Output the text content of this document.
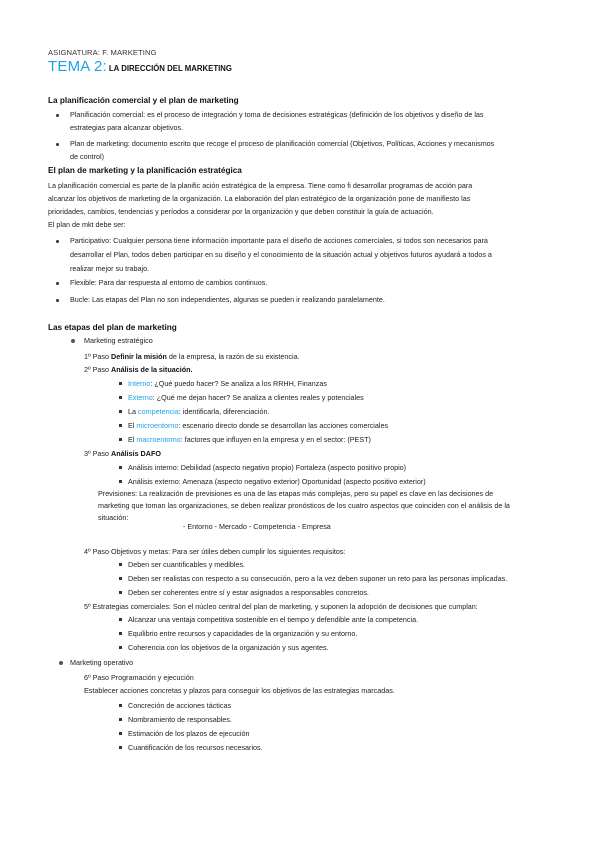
ASIGNATURA: F. MARKETING
TEMA 2: LA DIRECCIÓN DEL MARKETING
La planificación comercial y el plan de marketing
Planificación comercial: es el proceso de integración y toma de decisiones estratégicas (definición de los objetivos y diseño de las
estrategias para alcanzar objetivos.
Plan de marketing: documento escrito que recoge el proceso de planificación comercial (Objetivos, Políticas, Acciones y mecanismos
de control)
El plan de marketing y la planificación estratégica
La planificación comercial es parte de la planific ación estratégica de la empresa. Tiene como fi desarrollar programas de acción para
alcanzar los objetivos de marketing de la organización. La elaboración del plan estratégico de la organización pone de manifiesto las
prioridades, cambios, tendencias y períodos a considerar por la organización y que deben constituir la guía de actuación.
El plan de mkt debe ser:
Participativo: Cualquier persona tiene información importante para el diseño de acciones comerciales, si todos son necesarios para
desarrollar el Plan, todos deben participar en su diseño y el conocimiento de la situación actual y objetivos futuros ayudará a todos a
realizar mejor su trabajo.
Flexible: Para dar respuesta al entorno de cambios continuos.
Bucle: Las etapas del Plan no son independientes, algunas se pueden ir realizando paralelamente.
Las etapas del plan de marketing
Marketing estratégico
1º Paso Definir la misión de la empresa, la razón de su existencia.
2º Paso Análisis de la situación.
Interno: ¿Qué puedo hacer? Se analiza a los RRHH, Finanzas
Externo: ¿Qué me dejan hacer? Se analiza a clientes reales y potenciales
La competencia: identificarla, diferenciación.
El microentorno: escenario directo donde se desarrollan las acciones comerciales
El macroentorno: factores que influyen en la empresa y en el sector: (PEST)
3º Paso Análisis DAFO
Análisis interno: Debilidad (aspecto negativo propio) Fortaleza (aspecto positivo propio)
Análisis externo: Amenaza (aspecto negativo exterior) Oportunidad (aspecto positivo exterior)
Previsiones: La realización de previsiones es una de las etapas más complejas, pero su papel es clave en las decisiones de
marketing que toman las organizaciones, se deben realizar pronósticos de los cuatro aspectos que coinciden con el análisis de la
situación:
- Entorno - Mercado - Competencia - Empresa
4º Paso Objetivos y metas: Para ser útiles deben cumplir los siguientes requisitos:
Deben ser cuantificables y medibles.
Deben ser realistas con respecto a su consecución, pero a la vez deben suponer un reto para las personas implicadas.
Deben ser coherentes entre sí y estar asignados a responsables concretos.
5º Estrategias comerciales: Son el núcleo central del plan de marketing, y suponen la adopción de decisiones que cumplan:
Alcanzar una ventaja competitiva sostenible en el tiempo y defendible ante la competencia.
Equilibrio entre recursos y capacidades de la organización y su entorno.
Coherencia con los objetivos de la organización y sus agentes.
Marketing operativo
6º Paso Programación y ejecución
Establecer acciones concretas y plazos para conseguir los objetivos de las estrategias marcadas.
Concreción de acciones tácticas
Nombramiento de responsables.
Estimación de los plazos de ejecución
Cuantificación de los recursos necesarios.
